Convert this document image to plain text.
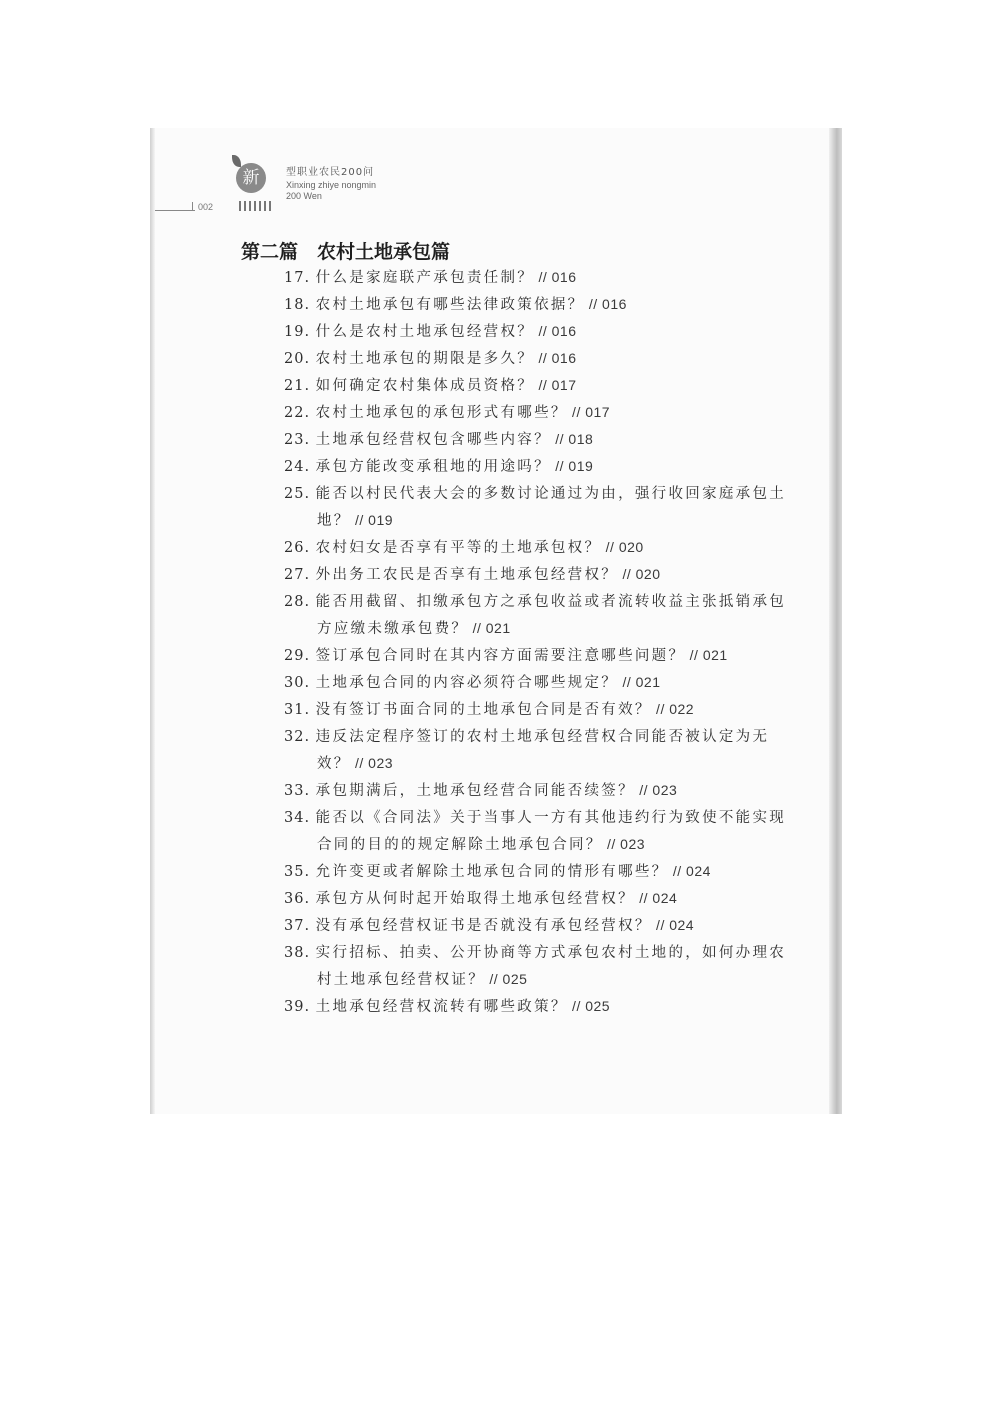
新	型职业农民200问
Xinxing zhiye nongmin
200 Wen
002
第二篇　农村土地承包篇
17. 什么是家庭联产承包责任制？ // 016
18. 农村土地承包有哪些法律政策依据？ // 016
19. 什么是农村土地承包经营权？ // 016
20. 农村土地承包的期限是多久？ // 016
21. 如何确定农村集体成员资格？ // 017
22. 农村土地承包的承包形式有哪些？ // 017
23. 土地承包经营权包含哪些内容？ // 018
24. 承包方能改变承租地的用途吗？ // 019
25. 能否以村民代表大会的多数讨论通过为由，强行收回家庭承包土
地？ // 019
26. 农村妇女是否享有平等的土地承包权？ // 020
27. 外出务工农民是否享有土地承包经营权？ // 020
28. 能否用截留、扣缴承包方之承包收益或者流转收益主张抵销承包
方应缴未缴承包费？ // 021
29. 签订承包合同时在其内容方面需要注意哪些问题？ // 021
30. 土地承包合同的内容必须符合哪些规定？ // 021
31. 没有签订书面合同的土地承包合同是否有效？ // 022
32. 违反法定程序签订的农村土地承包经营权合同能否被认定为无
效？ // 023
33. 承包期满后，土地承包经营合同能否续签？ // 023
34. 能否以《合同法》关于当事人一方有其他违约行为致使不能实现
合同的目的的规定解除土地承包合同？ // 023
35. 允许变更或者解除土地承包合同的情形有哪些？ // 024
36. 承包方从何时起开始取得土地承包经营权？ // 024
37. 没有承包经营权证书是否就没有承包经营权？ // 024
38. 实行招标、拍卖、公开协商等方式承包农村土地的，如何办理农
村土地承包经营权证？ // 025
39. 土地承包经营权流转有哪些政策？ // 025
